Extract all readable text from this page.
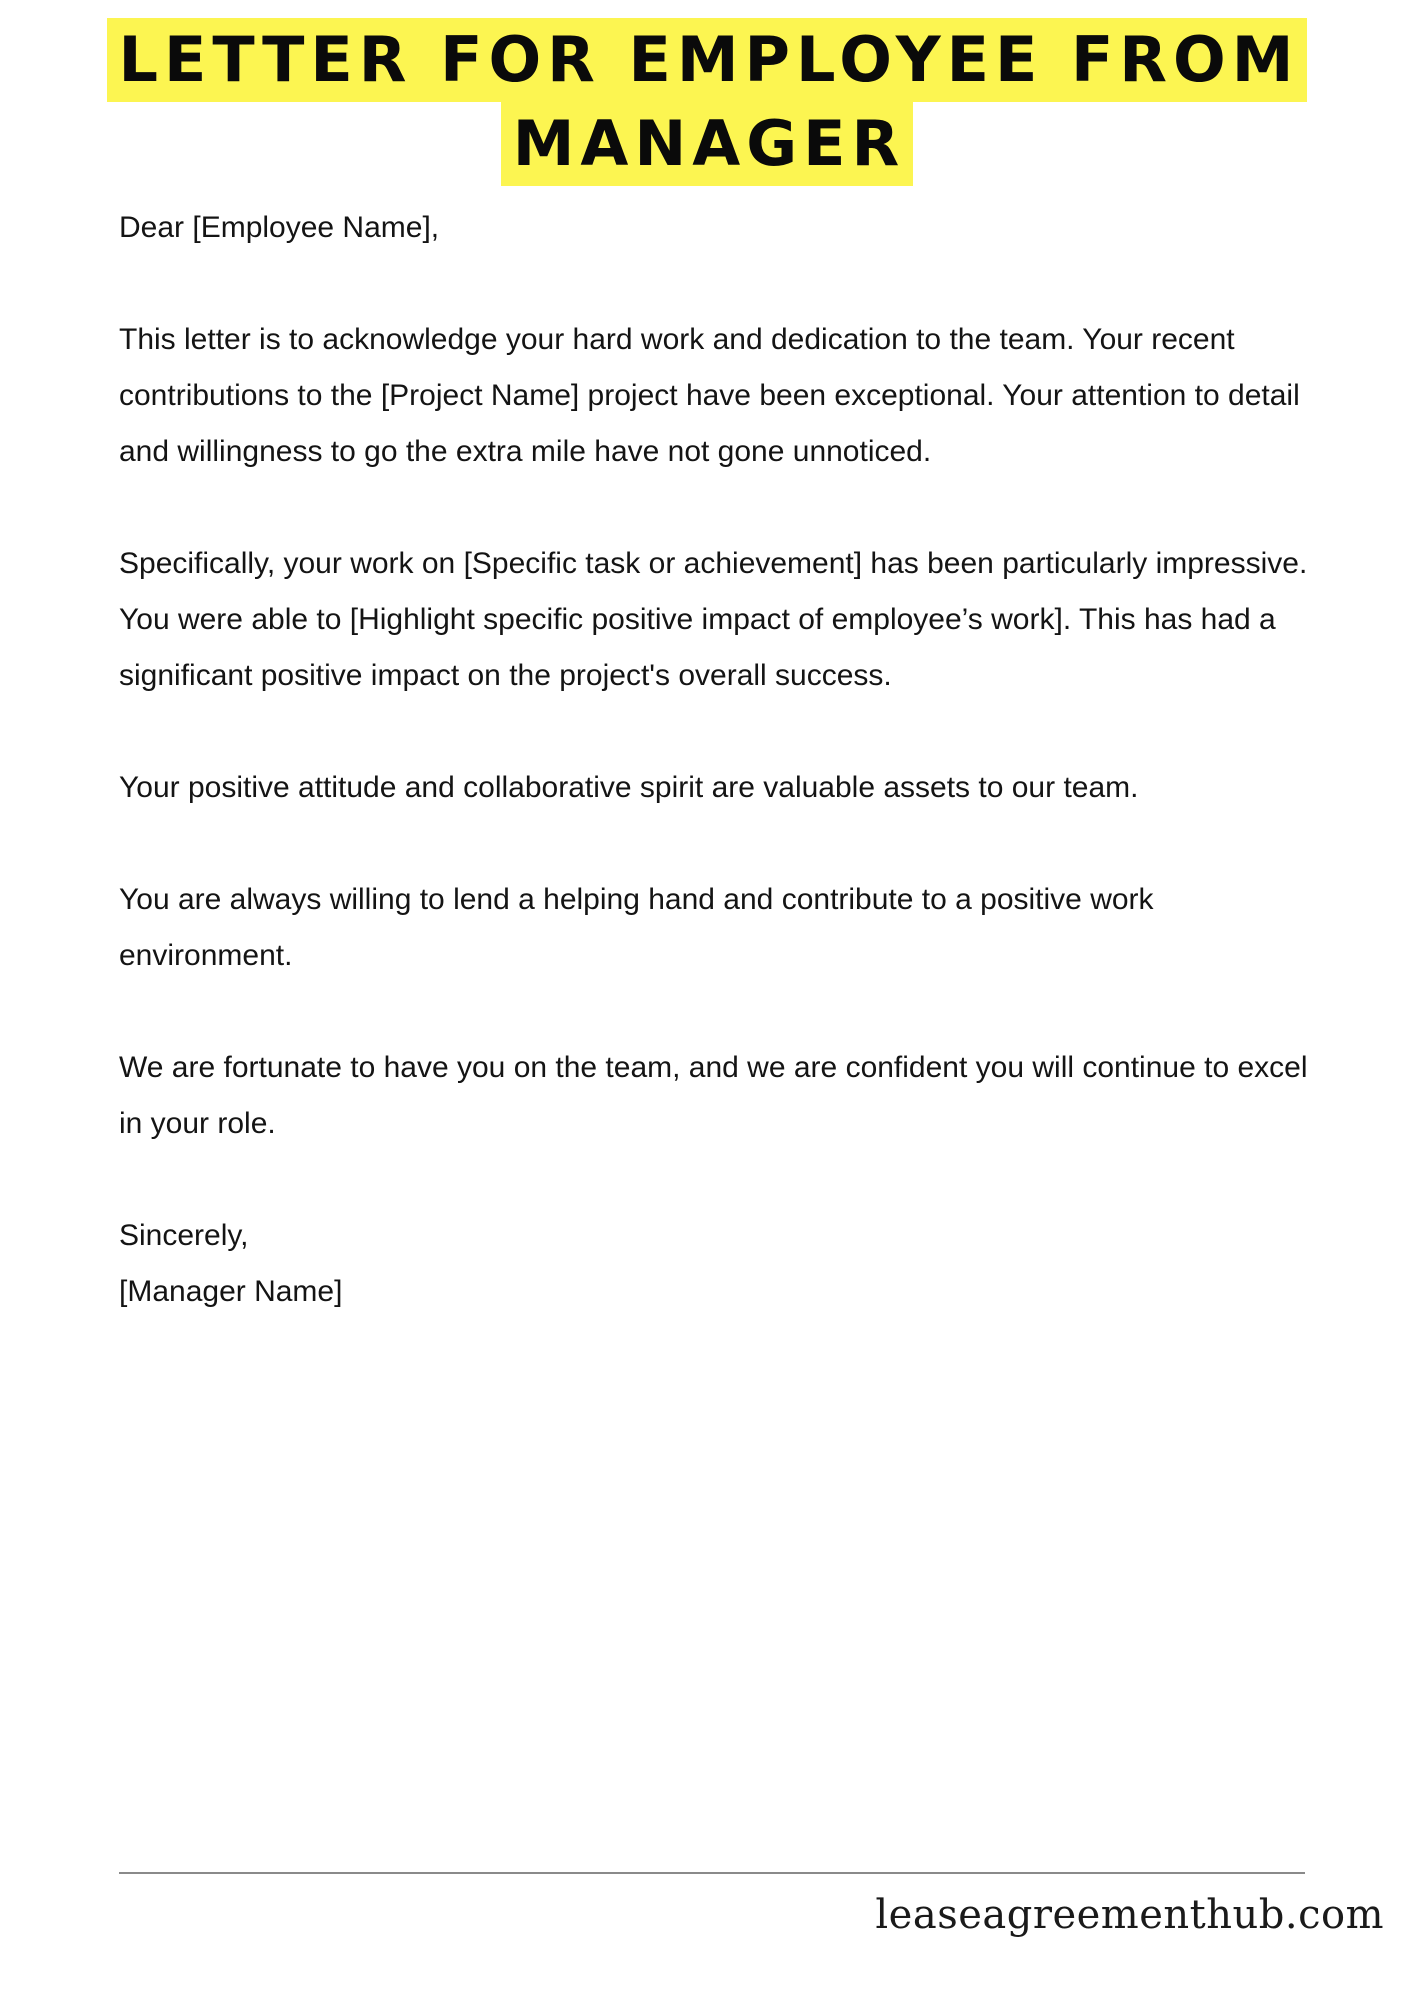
LETTER FOR EMPLOYEE FROM
MANAGER

Dear [Employee Name],

This letter is to acknowledge your hard work and dedication to the team. Your recent contributions to the [Project Name] project have been exceptional. Your attention to detail and willingness to go the extra mile have not gone unnoticed.

Specifically, your work on [Specific task or achievement] has been particularly impressive. You were able to [Highlight specific positive impact of employee’s work]. This has had a significant positive impact on the project's overall success.

Your positive attitude and collaborative spirit are valuable assets to our team.

You are always willing to lend a helping hand and contribute to a positive work environment.

We are fortunate to have you on the team, and we are confident you will continue to excel in your role.

Sincerely,

[Manager Name]

leaseagreementhub.com
